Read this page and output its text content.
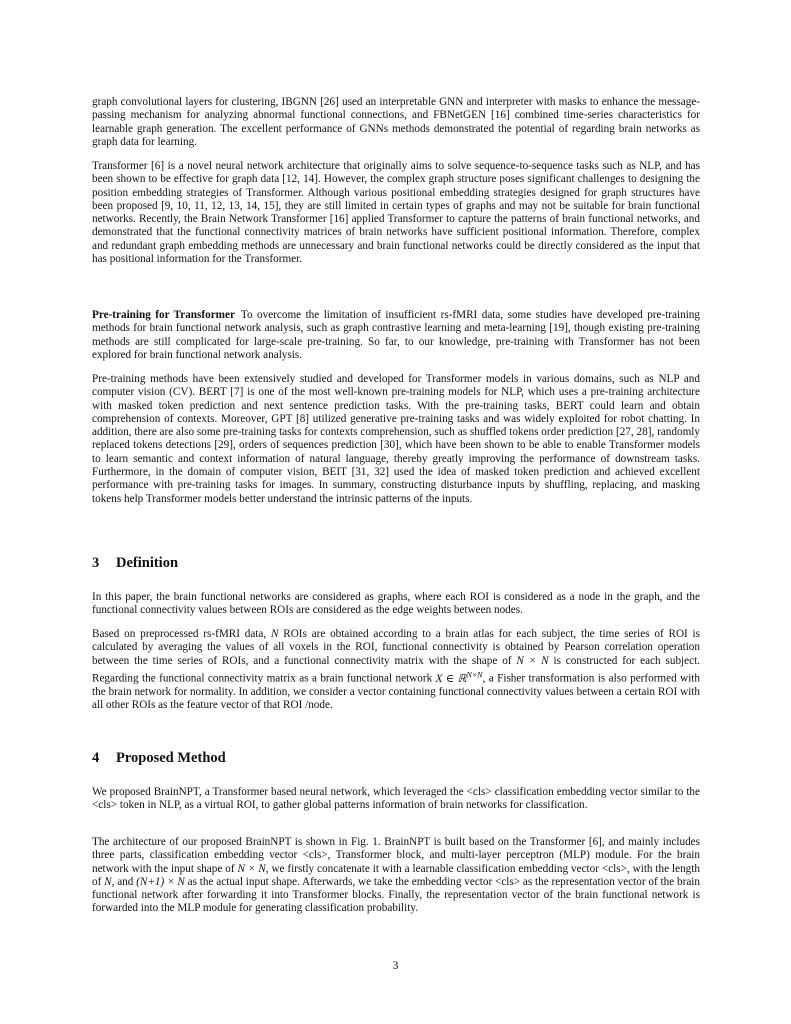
graph convolutional layers for clustering, IBGNN [26] used an interpretable GNN and interpreter with masks to enhance the message-passing mechanism for analyzing abnormal functional connections, and FBNetGEN [16] combined time-series characteristics for learnable graph generation. The excellent performance of GNNs methods demonstrated the potential of regarding brain networks as graph data for learning.

Transformer [6] is a novel neural network architecture that originally aims to solve sequence-to-sequence tasks such as NLP, and has been shown to be effective for graph data [12, 14]. However, the complex graph structure poses significant challenges to designing the position embedding strategies of Transformer. Although various positional embedding strategies designed for graph structures have been proposed [9, 10, 11, 12, 13, 14, 15], they are still limited in certain types of graphs and may not be suitable for brain functional networks. Recently, the Brain Network Transformer [16] applied Transformer to capture the patterns of brain functional networks, and demonstrated that the functional connectivity matrices of brain networks have sufficient positional information. Therefore, complex and redundant graph embedding methods are unnecessary and brain functional networks could be directly considered as the input that has positional information for the Transformer.

Pre-training for Transformer To overcome the limitation of insufficient rs-fMRI data, some studies have developed pre-training methods for brain functional network analysis, such as graph contrastive learning and meta-learning [19], though existing pre-training methods are still complicated for large-scale pre-training. So far, to our knowledge, pre-training with Transformer has not been explored for brain functional network analysis.

Pre-training methods have been extensively studied and developed for Transformer models in various domains, such as NLP and computer vision (CV). BERT [7] is one of the most well-known pre-training models for NLP, which uses a pre-training architecture with masked token prediction and next sentence prediction tasks. With the pre-training tasks, BERT could learn and obtain comprehension of contexts. Moreover, GPT [8] utilized generative pre-training tasks and was widely exploited for robot chatting. In addition, there are also some pre-training tasks for contexts comprehension, such as shuffled tokens order prediction [27, 28], randomly replaced tokens detections [29], orders of sequences prediction [30], which have been shown to be able to enable Transformer models to learn semantic and context information of natural language, thereby greatly improving the performance of downstream tasks. Furthermore, in the domain of computer vision, BEIT [31, 32] used the idea of masked token prediction and achieved excellent performance with pre-training tasks for images. In summary, constructing disturbance inputs by shuffling, replacing, and masking tokens help Transformer models better understand the intrinsic patterns of the inputs.

3 Definition

In this paper, the brain functional networks are considered as graphs, where each ROI is considered as a node in the graph, and the functional connectivity values between ROIs are considered as the edge weights between nodes.

Based on preprocessed rs-fMRI data, N ROIs are obtained according to a brain atlas for each subject, the time series of ROI is calculated by averaging the values of all voxels in the ROI, functional connectivity is obtained by Pearson correlation operation between the time series of ROIs, and a functional connectivity matrix with the shape of N × N is constructed for each subject. Regarding the functional connectivity matrix as a brain functional network X ∈ ℝ$^{N\times N}$, a Fisher transformation is also performed with the brain network for normality. In addition, we consider a vector containing functional connectivity values between a certain ROI with all other ROIs as the feature vector of that ROI /node.

4 Proposed Method

We proposed BrainNPT, a Transformer based neural network, which leveraged the <cls> classification embedding vector similar to the <cls> token in NLP, as a virtual ROI, to gather global patterns information of brain networks for classification.

The architecture of our proposed BrainNPT is shown in Fig. 1. BrainNPT is built based on the Transformer [6], and mainly includes three parts, classification embedding vector <cls>, Transformer block, and multi-layer perceptron (MLP) module. For the brain network with the input shape of N × N, we firstly concatenate it with a learnable classification embedding vector <cls>, with the length of N, and (N+1) × N as the actual input shape. Afterwards, we take the embedding vector <cls> as the representation vector of the brain functional network after forwarding it into Transformer blocks. Finally, the representation vector of the brain functional network is forwarded into the MLP module for generating classification probability.

3
